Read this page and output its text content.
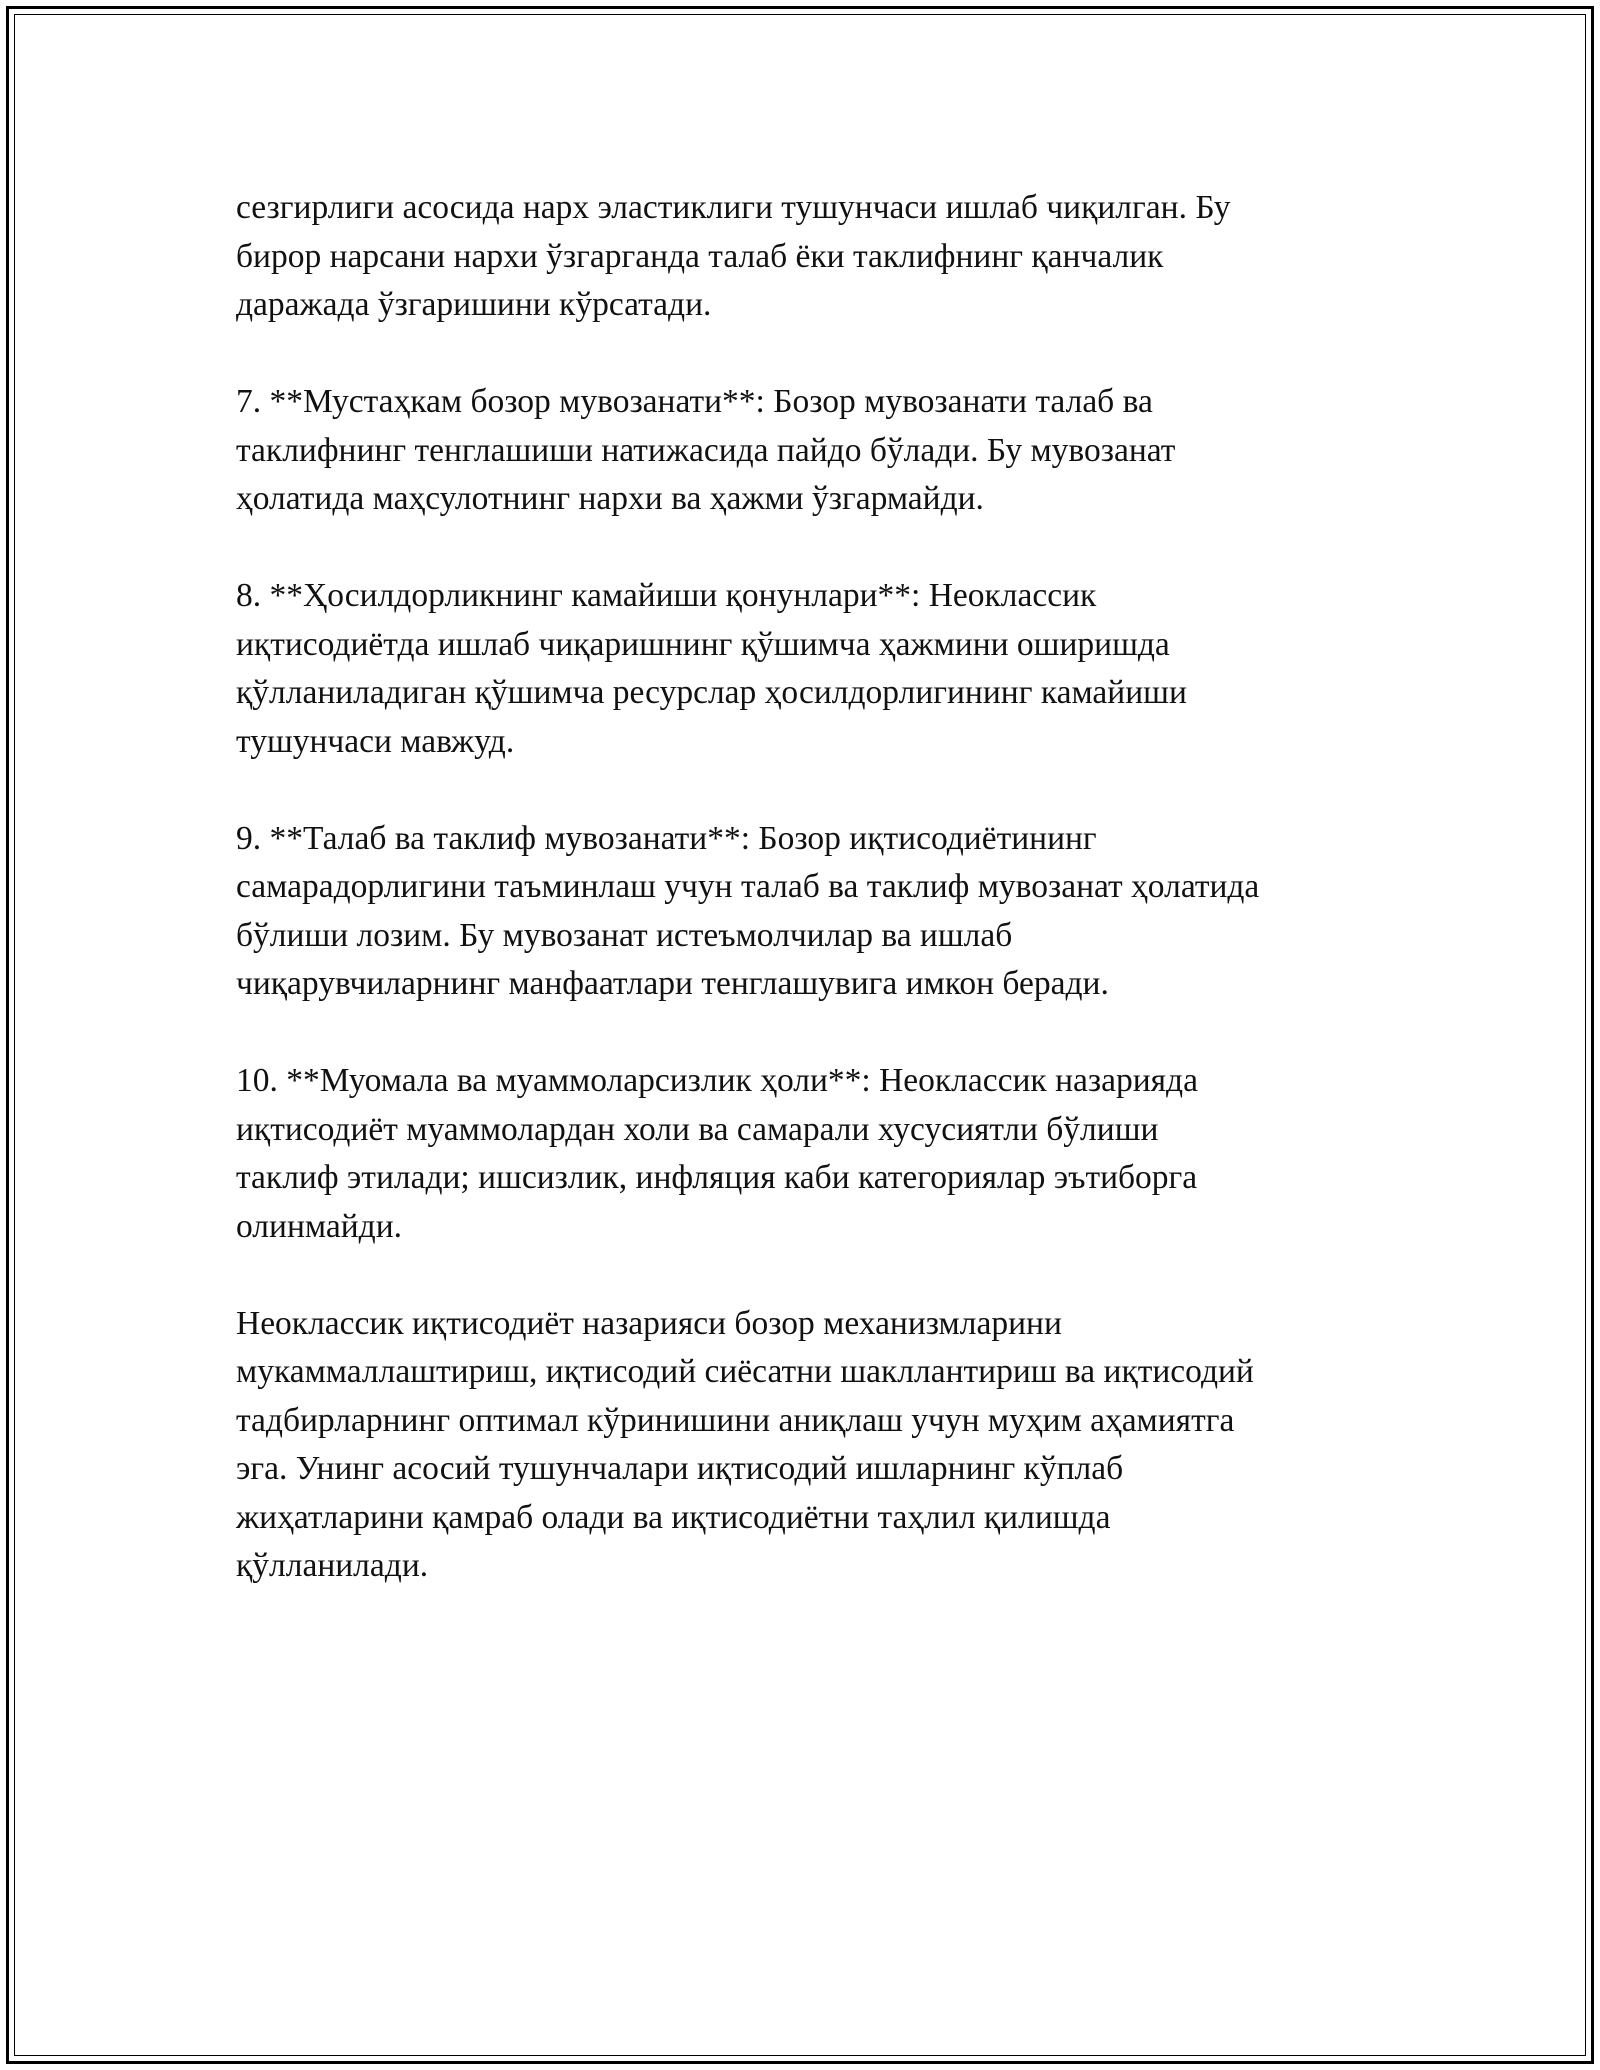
сезгирлиги асосида нарх эластиклиги тушунчаси ишлаб чиқилган. Бу
бирор нарсани нархи ўзгарганда талаб ёки таклифнинг қанчалик
даражада ўзгаришини кўрсатади.

7. **Мустаҳкам бозор мувозанати**: Бозор мувозанати талаб ва
таклифнинг тенглашиши натижасида пайдо бўлади. Бу мувозанат
ҳолатида маҳсулотнинг нархи ва ҳажми ўзгармайди.

8. **Ҳосилдорликнинг камайиши қонунлари**: Неоклассик
иқтисодиётда ишлаб чиқаришнинг қўшимча ҳажмини оширишда
қўлланиладиган қўшимча ресурслар ҳосилдорлигининг камайиши
тушунчаси мавжуд.

9. **Талаб ва таклиф мувозанати**: Бозор иқтисодиётининг
самарадорлигини таъминлаш учун талаб ва таклиф мувозанат ҳолатида
бўлиши лозим. Бу мувозанат истеъмолчилар ва ишлаб
чиқарувчиларнинг манфаатлари тенглашувига имкон беради.

10. **Муомала ва муаммоларсизлик ҳоли**: Неоклассик назарияда
иқтисодиёт муаммолардан холи ва самарали хусусиятли бўлиши
таклиф этилади; ишсизлик, инфляция каби категориялар эътиборга
олинмайди.

Неоклассик иқтисодиёт назарияси бозор механизмларини
мукаммаллаштириш, иқтисодий сиёсатни шакллантириш ва иқтисодий
тадбирларнинг оптимал кўринишини аниқлаш учун муҳим аҳамиятга
эга. Унинг асосий тушунчалари иқтисодий ишларнинг кўплаб
жиҳатларини қамраб олади ва иқтисодиётни таҳлил қилишда
қўлланилади.
